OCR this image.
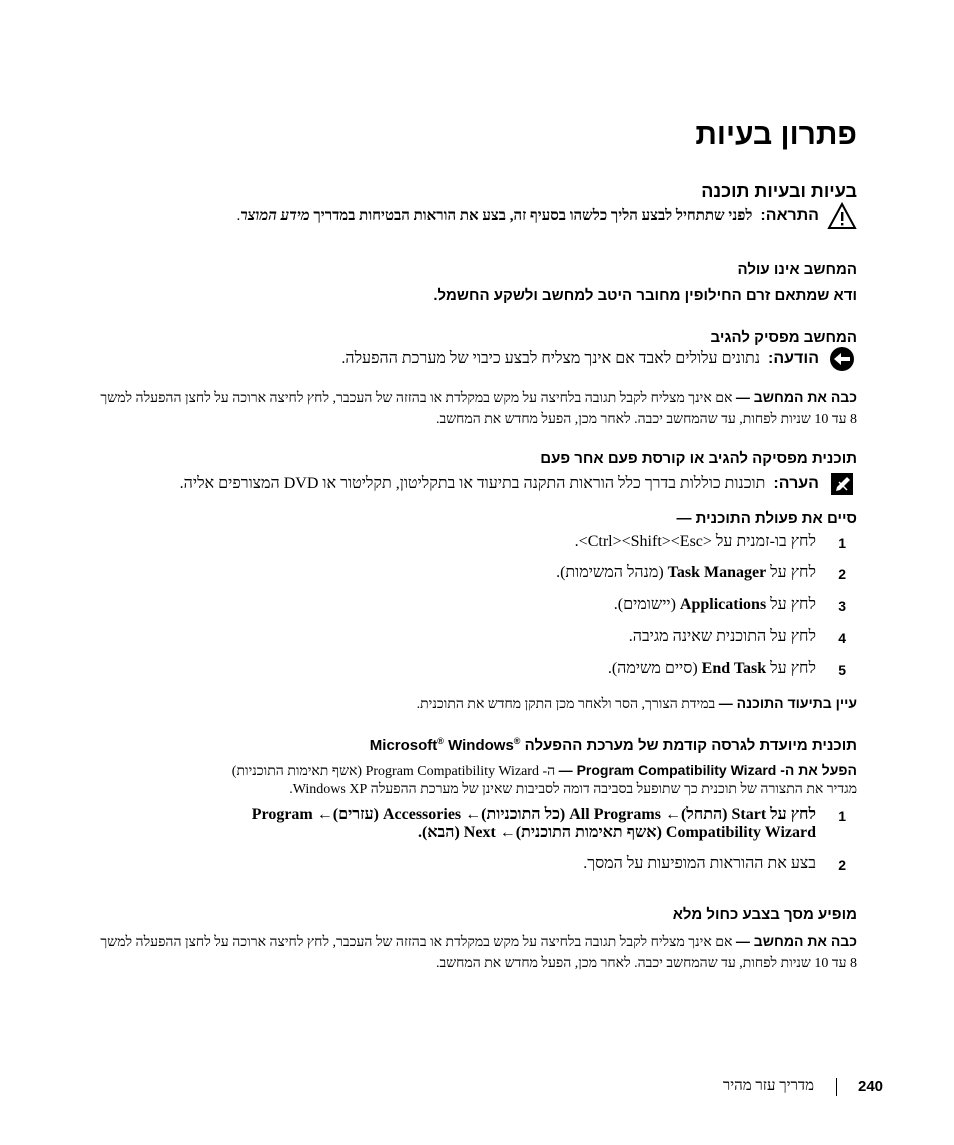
פתרון בעיות
בעיות ובעיות תוכנה
התראה:
לפני שתתחיל לבצע הליך כלשהו בסעיף זה, בצע את הוראות הבטיחות במדריך מידע המוצר.
המחשב אינו עולה
ודא שמתאם זרם החילופין מחובר היטב למחשב ולשקע החשמל.
המחשב מפסיק להגיב
הודעה:
נתונים עלולים לאבד אם אינך מצליח לבצע כיבוי של מערכת ההפעלה.
כבה את המחשב — אם אינך מצליח לקבל תגובה בלחיצה על מקש במקלדת או בהזזה של העכבר, לחץ לחיצה ארוכה על לחצן ההפעלה למשך 8 עד 10 שניות לפחות, עד שהמחשב יכבה. לאחר מכן, הפעל מחדש את המחשב.
תוכנית מפסיקה להגיב או קורסת פעם אחר פעם
הערה:
תוכנות כוללות בדרך כלל הוראות התקנה בתיעוד או בתקליטון, תקליטור או DVD המצורפים אליה.
סיים את פעולת התוכנית —
1
לחץ בו-זמנית על <Ctrl><Shift><Esc>.
2
לחץ על Task Manager (מנהל המשימות).
3
לחץ על Applications (יישומים).
4
לחץ על התוכנית שאינה מגיבה.
5
לחץ על End Task (סיים משימה).
עיין בתיעוד התוכנה — במידת הצורך, הסר ולאחר מכן התקן מחדש את התוכנית.
תוכנית מיועדת לגרסה קודמת של מערכת ההפעלה Microsoft® Windows®
הפעל את ה- Program Compatibility Wizard — ה- Program Compatibility Wizard (אשף תאימות התוכניות)
מגדיר את התצורה של תוכנית כך שתופעל בסביבה דומה לסביבות שאינן של מערכת ההפעלה Windows XP.
1
לחץ על Start (התחל)← All Programs (כל התוכניות)← Accessories (עזרים)← Program
Compatibility Wizard (אשף תאימות התוכנית)← Next (הבא).
2
בצע את ההוראות המופיעות על המסך.
מופיע מסך בצבע כחול מלא
כבה את המחשב — אם אינך מצליח לקבל תגובה בלחיצה על מקש במקלדת או בהזזה של העכבר, לחץ לחיצה ארוכה על לחצן ההפעלה למשך 8 עד 10 שניות לפחות, עד שהמחשב יכבה. לאחר מכן, הפעל מחדש את המחשב.
240
מדריך עזר מהיר
